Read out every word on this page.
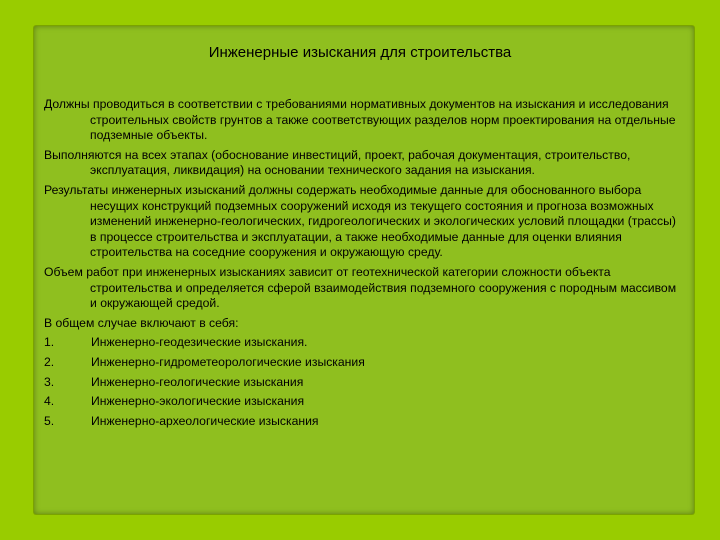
Инженерные изыскания для строительства

Должны проводиться в соответствии с требованиями нормативных документов на изыскания и исследования строительных свойств грунтов а также соответствующих разделов норм проектирования на отдельные подземные объекты.

Выполняются на всех этапах (обоснование инвестиций, проект, рабочая документация, строительство, эксплуатация, ликвидация) на основании технического задания на изыскания.

Результаты инженерных изысканий должны содержать необходимые данные для обоснованного выбора несущих конструкций подземных сооружений исходя из текущего состояния и прогноза возможных изменений инженерно-геологических, гидрогеологических и экологических условий площадки (трассы) в процессе строительства и эксплуатации, а также необходимые данные для оценки влияния строительства на соседние сооружения и окружающую среду.

Объем работ при инженерных изысканиях зависит от геотехнической категории сложности объекта строительства и определяется сферой взаимодействия подземного сооружения с породным массивом и окружающей средой.

В общем случае включают в себя:

1.	Инженерно-геодезические изыскания.
2.	Инженерно-гидрометеорологические изыскания
3.	Инженерно-геологические изыскания
4.	Инженерно-экологические изыскания
5.	Инженерно-археологические изыскания
